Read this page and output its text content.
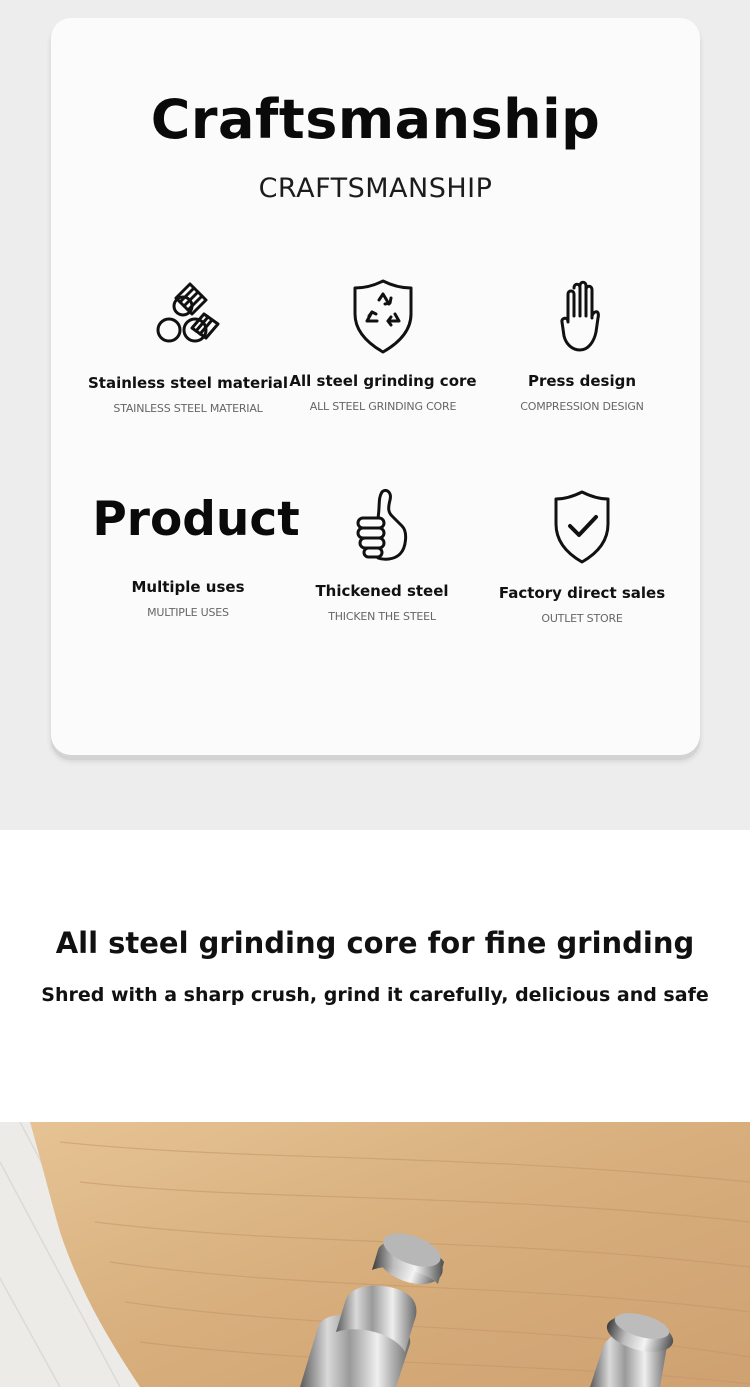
Craftsmanship
CRAFTSMANSHIP
Stainless steel material
STAINLESS STEEL MATERIAL
All steel grinding core
ALL STEEL GRINDING CORE
Press design
COMPRESSION DESIGN
Product
Multiple uses
MULTIPLE USES
Thickened steel
THICKEN THE STEEL
Factory direct sales
OUTLET STORE
All steel grinding core for fine grinding
Shred with a sharp crush, grind it carefully, delicious and safe
